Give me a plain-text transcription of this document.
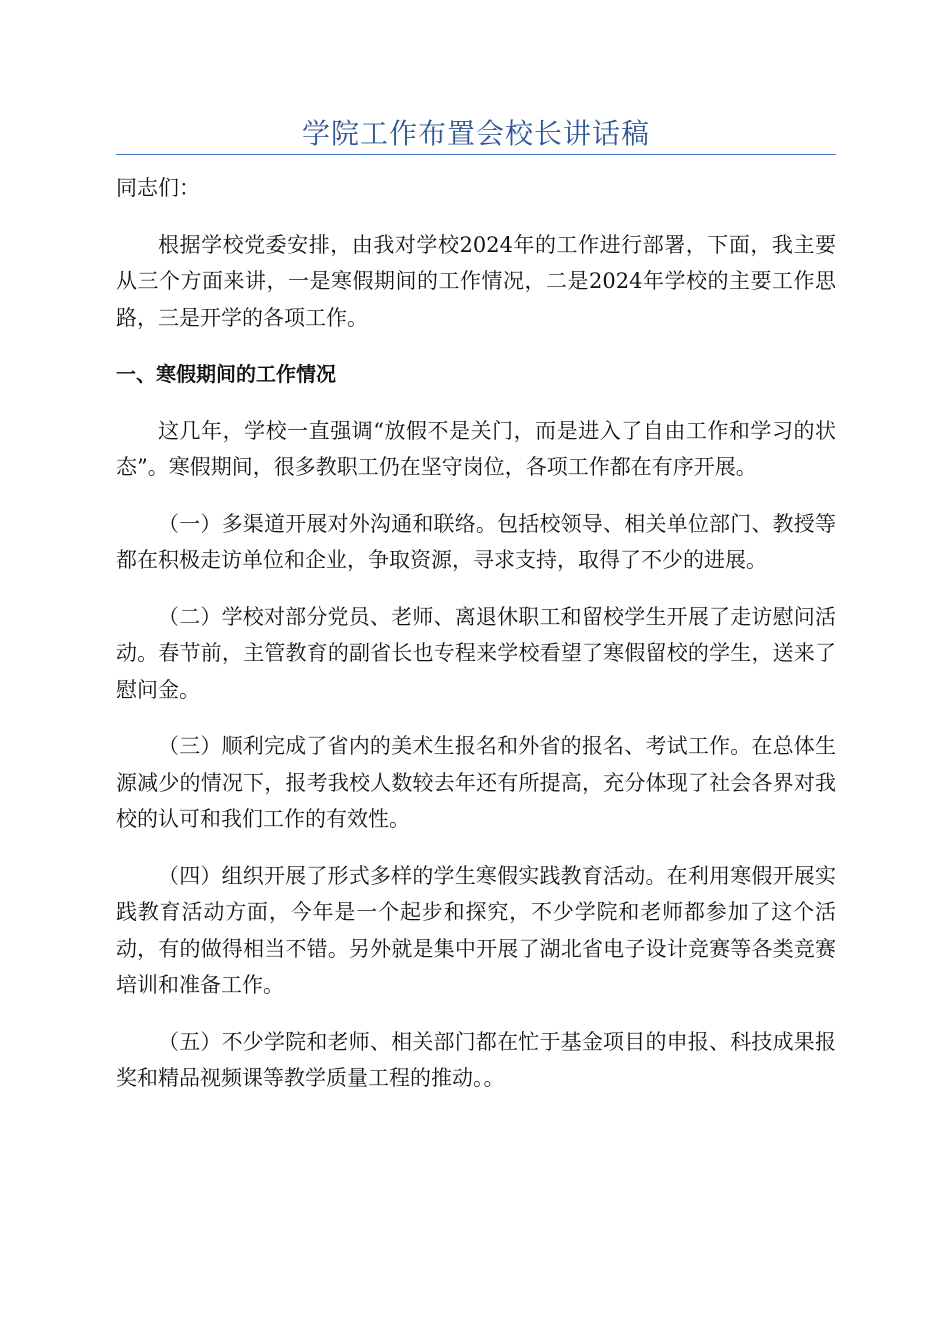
学院工作布置会校长讲话稿

同志们：

根据学校党委安排，由我对学校2024年的工作进行部署，下面，我主要从三个方面来讲，一是寒假期间的工作情况，二是2024年学校的主要工作思路，三是开学的各项工作。

一、寒假期间的工作情况

这几年，学校一直强调“放假不是关门，而是进入了自由工作和学习的状态”。寒假期间，很多教职工仍在坚守岗位，各项工作都在有序开展。

（一）多渠道开展对外沟通和联络。包括校领导、相关单位部门、教授等都在积极走访单位和企业，争取资源，寻求支持，取得了不少的进展。

（二）学校对部分党员、老师、离退休职工和留校学生开展了走访慰问活动。春节前，主管教育的副省长也专程来学校看望了寒假留校的学生，送来了慰问金。

（三）顺利完成了省内的美术生报名和外省的报名、考试工作。在总体生源减少的情况下，报考我校人数较去年还有所提高，充分体现了社会各界对我校的认可和我们工作的有效性。

（四）组织开展了形式多样的学生寒假实践教育活动。在利用寒假开展实践教育活动方面，今年是一个起步和探究，不少学院和老师都参加了这个活动，有的做得相当不错。另外就是集中开展了湖北省电子设计竞赛等各类竞赛培训和准备工作。

（五）不少学院和老师、相关部门都在忙于基金项目的申报、科技成果报奖和精品视频课等教学质量工程的推动。。
